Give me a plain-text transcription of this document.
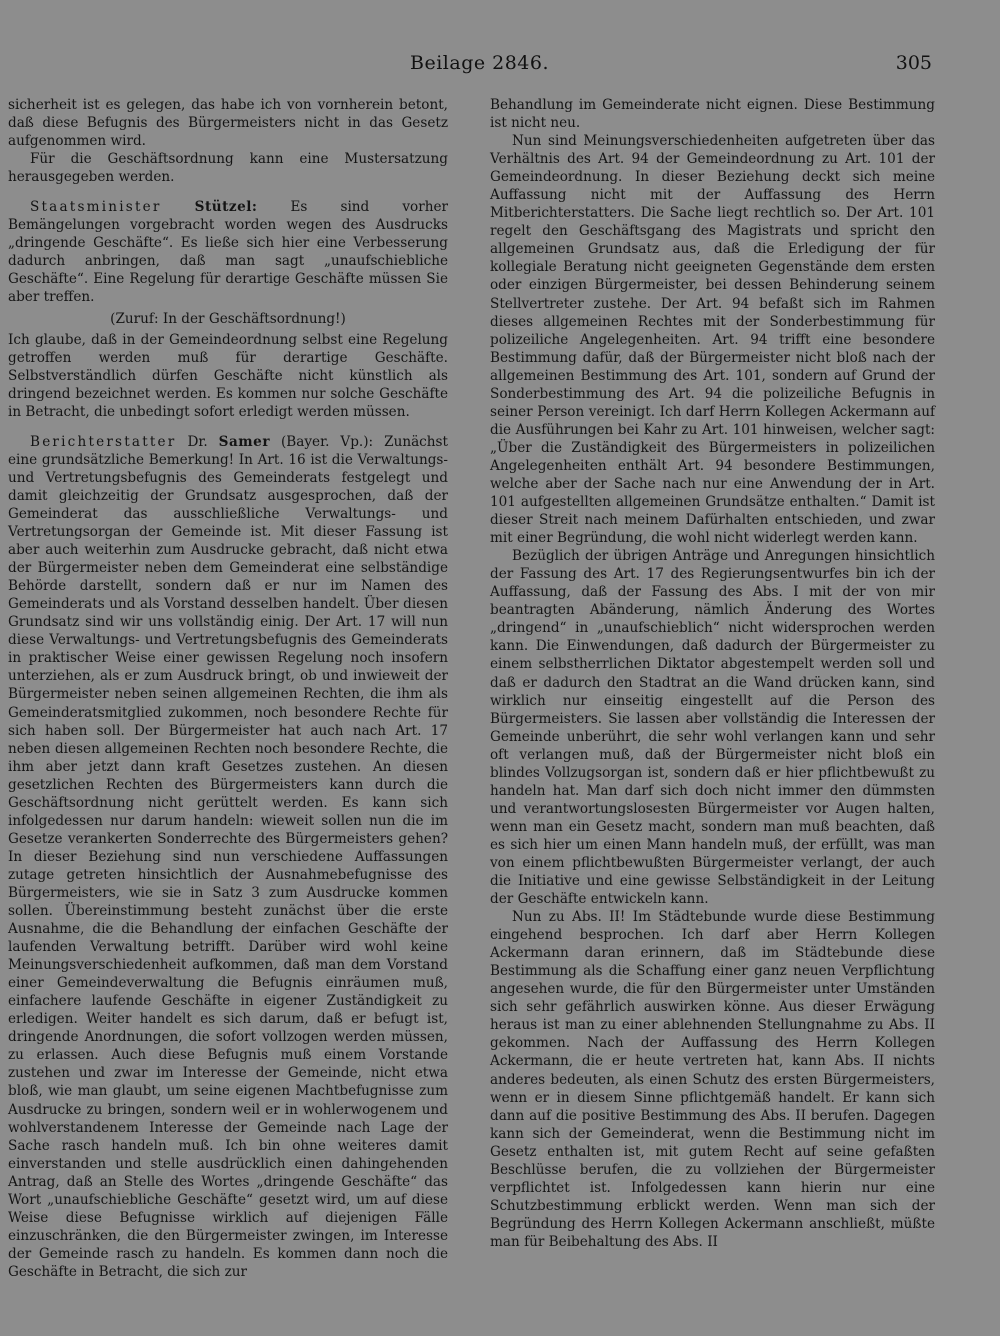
Beilage 2846.	305

sicherheit ist es gelegen, das habe ich von vornherein betont, daß diese Befugnis des Bürgermeisters nicht in das Gesetz aufgenommen wird.

Für die Geschäftsordnung kann eine Mustersatzung herausgegeben werden.

Staatsminister Stützel: Es sind vorher Bemängelungen vorgebracht worden wegen des Ausdrucks „dringende Geschäfte“. Es ließe sich hier eine Verbesserung dadurch anbringen, daß man sagt „unaufschiebliche Geschäfte“. Eine Regelung für derartige Geschäfte müssen Sie aber treffen.

(Zuruf: In der Geschäftsordnung!)

Ich glaube, daß in der Gemeindeordnung selbst eine Regelung getroffen werden muß für derartige Geschäfte. Selbstverständlich dürfen Geschäfte nicht künstlich als dringend bezeichnet werden. Es kommen nur solche Geschäfte in Betracht, die unbedingt sofort erledigt werden müssen.

Berichterstatter Dr. Samer (Bayer. Vp.): Zunächst eine grundsätzliche Bemerkung! In Art. 16 ist die Verwaltungs- und Vertretungsbefugnis des Gemeinderats festgelegt und damit gleichzeitig der Grundsatz ausgesprochen, daß der Gemeinderat das ausschließliche Verwaltungs- und Vertretungsorgan der Gemeinde ist. Mit dieser Fassung ist aber auch weiterhin zum Ausdrucke gebracht, daß nicht etwa der Bürgermeister neben dem Gemeinderat eine selbständige Behörde darstellt, sondern daß er nur im Namen des Gemeinderats und als Vorstand desselben handelt. Über diesen Grundsatz sind wir uns vollständig einig. Der Art. 17 will nun diese Verwaltungs- und Vertretungsbefugnis des Gemeinderats in praktischer Weise einer gewissen Regelung noch insofern unterziehen, als er zum Ausdruck bringt, ob und inwieweit der Bürgermeister neben seinen allgemeinen Rechten, die ihm als Gemeinderatsmitglied zukommen, noch besondere Rechte für sich haben soll. Der Bürgermeister hat auch nach Art. 17 neben diesen allgemeinen Rechten noch besondere Rechte, die ihm aber jetzt dann kraft Gesetzes zustehen. An diesen gesetzlichen Rechten des Bürgermeisters kann durch die Geschäftsordnung nicht gerüttelt werden. Es kann sich infolgedessen nur darum handeln: wieweit sollen nun die im Gesetze verankerten Sonderrechte des Bürgermeisters gehen? In dieser Beziehung sind nun verschiedene Auffassungen zutage getreten hinsichtlich der Ausnahmebefugnisse des Bürgermeisters, wie sie in Satz 3 zum Ausdrucke kommen sollen. Übereinstimmung besteht zunächst über die erste Ausnahme, die die Behandlung der einfachen Geschäfte der laufenden Verwaltung betrifft. Darüber wird wohl keine Meinungsverschiedenheit aufkommen, daß man dem Vorstand einer Gemeindeverwaltung die Befugnis einräumen muß, einfachere laufende Geschäfte in eigener Zuständigkeit zu erledigen. Weiter handelt es sich darum, daß er befugt ist, dringende Anordnungen, die sofort vollzogen werden müssen, zu erlassen. Auch diese Befugnis muß einem Vorstande zustehen und zwar im Interesse der Gemeinde, nicht etwa bloß, wie man glaubt, um seine eigenen Machtbefugnisse zum Ausdrucke zu bringen, sondern weil er in wohlerwogenem und wohlverstandenem Interesse der Gemeinde nach Lage der Sache rasch handeln muß. Ich bin ohne weiteres damit einverstanden und stelle ausdrücklich einen dahingehenden Antrag, daß an Stelle des Wortes „dringende Geschäfte“ das Wort „unaufschiebliche Geschäfte“ gesetzt wird, um auf diese Weise diese Befugnisse wirklich auf diejenigen Fälle einzuschränken, die den Bürgermeister zwingen, im Interesse der Gemeinde rasch zu handeln. Es kommen dann noch die Geschäfte in Betracht, die sich zur

Behandlung im Gemeinderate nicht eignen. Diese Bestimmung ist nicht neu.

Nun sind Meinungsverschiedenheiten aufgetreten über das Verhältnis des Art. 94 der Gemeindeordnung zu Art. 101 der Gemeindeordnung. In dieser Beziehung deckt sich meine Auffassung nicht mit der Auffassung des Herrn Mitberichterstatters. Die Sache liegt rechtlich so. Der Art. 101 regelt den Geschäftsgang des Magistrats und spricht den allgemeinen Grundsatz aus, daß die Erledigung der für kollegiale Beratung nicht geeigneten Gegenstände dem ersten oder einzigen Bürgermeister, bei dessen Behinderung seinem Stellvertreter zustehe. Der Art. 94 befaßt sich im Rahmen dieses allgemeinen Rechtes mit der Sonderbestimmung für polizeiliche Angelegenheiten. Art. 94 trifft eine besondere Bestimmung dafür, daß der Bürgermeister nicht bloß nach der allgemeinen Bestimmung des Art. 101, sondern auf Grund der Sonderbestimmung des Art. 94 die polizeiliche Befugnis in seiner Person vereinigt. Ich darf Herrn Kollegen Ackermann auf die Ausführungen bei Kahr zu Art. 101 hinweisen, welcher sagt: „Über die Zuständigkeit des Bürgermeisters in polizeilichen Angelegenheiten enthält Art. 94 besondere Bestimmungen, welche aber der Sache nach nur eine Anwendung der in Art. 101 aufgestellten allgemeinen Grundsätze enthalten.“ Damit ist dieser Streit nach meinem Dafürhalten entschieden, und zwar mit einer Begründung, die wohl nicht widerlegt werden kann.

Bezüglich der übrigen Anträge und Anregungen hinsichtlich der Fassung des Art. 17 des Regierungsentwurfes bin ich der Auffassung, daß der Fassung des Abs. I mit der von mir beantragten Abänderung, nämlich Änderung des Wortes „dringend“ in „unaufschieblich“ nicht widersprochen werden kann. Die Einwendungen, daß dadurch der Bürgermeister zu einem selbstherrlichen Diktator abgestempelt werden soll und daß er dadurch den Stadtrat an die Wand drücken kann, sind wirklich nur einseitig eingestellt auf die Person des Bürgermeisters. Sie lassen aber vollständig die Interessen der Gemeinde unberührt, die sehr wohl verlangen kann und sehr oft verlangen muß, daß der Bürgermeister nicht bloß ein blindes Vollzugsorgan ist, sondern daß er hier pflichtbewußt zu handeln hat. Man darf sich doch nicht immer den dümmsten und verantwortungslosesten Bürgermeister vor Augen halten, wenn man ein Gesetz macht, sondern man muß beachten, daß es sich hier um einen Mann handeln muß, der erfüllt, was man von einem pflichtbewußten Bürgermeister verlangt, der auch die Initiative und eine gewisse Selbständigkeit in der Leitung der Geschäfte entwickeln kann.

Nun zu Abs. II! Im Städtebunde wurde diese Bestimmung eingehend besprochen. Ich darf aber Herrn Kollegen Ackermann daran erinnern, daß im Städtebunde diese Bestimmung als die Schaffung einer ganz neuen Verpflichtung angesehen wurde, die für den Bürgermeister unter Umständen sich sehr gefährlich auswirken könne. Aus dieser Erwägung heraus ist man zu einer ablehnenden Stellungnahme zu Abs. II gekommen. Nach der Auffassung des Herrn Kollegen Ackermann, die er heute vertreten hat, kann Abs. II nichts anderes bedeuten, als einen Schutz des ersten Bürgermeisters, wenn er in diesem Sinne pflichtgemäß handelt. Er kann sich dann auf die positive Bestimmung des Abs. II berufen. Dagegen kann sich der Gemeinderat, wenn die Bestimmung nicht im Gesetz enthalten ist, mit gutem Recht auf seine gefaßten Beschlüsse berufen, die zu vollziehen der Bürgermeister verpflichtet ist. Infolgedessen kann hierin nur eine Schutzbestimmung erblickt werden. Wenn man sich der Begründung des Herrn Kollegen Ackermann anschließt, müßte man für Beibehaltung des Abs. II
